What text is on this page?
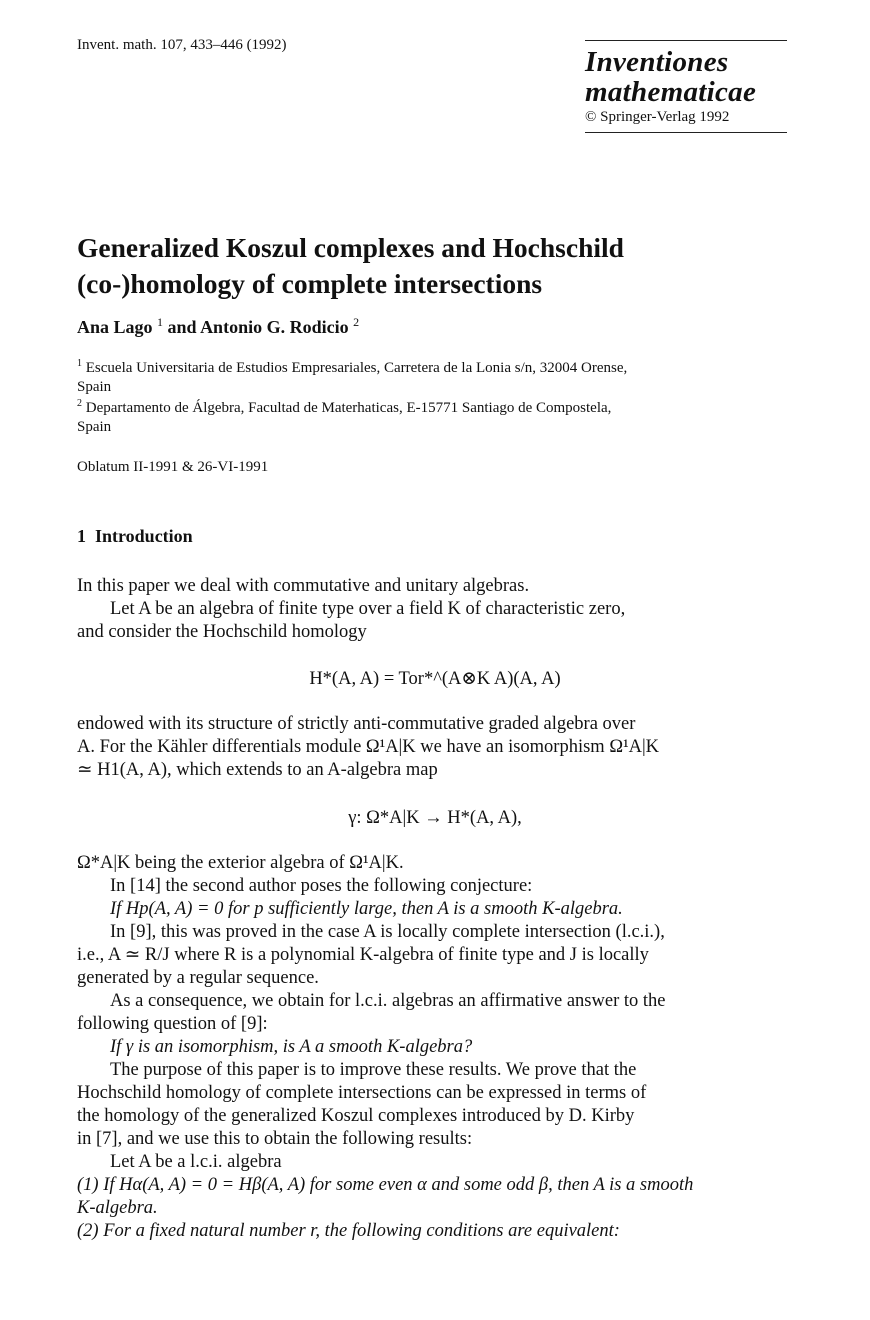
Invent. math. 107, 433–446 (1992)
Inventiones
mathematicae
© Springer-Verlag 1992
Generalized Koszul complexes and Hochschild
(co-)homology of complete intersections
Ana Lago $^1$ and Antonio G. Rodicio $^2$
$^1$ Escuela Universitaria de Estudios Empresariales, Carretera de la Lonia s/n, 32004 Orense,
Spain
$^2$ Departamento de Álgebra, Facultad de Materhaticas, E-15771 Santiago de Compostela,
Spain
Oblatum II-1991 & 26-VI-1991
1 Introduction
In this paper we deal with commutative and unitary algebras.
Let A be an algebra of finite type over a field K of characteristic zero,
and consider the Hochschild homology
H*(A, A) = Tor*^(A⊗K A)(A, A)
endowed with its structure of strictly anti-commutative graded algebra over
A. For the Kähler differentials module Ω¹A|K we have an isomorphism Ω¹A|K
≃ H1(A, A), which extends to an A-algebra map
γ: Ω*A|K → H*(A, A),
Ω*A|K being the exterior algebra of Ω¹A|K.
In [14] the second author poses the following conjecture:
If Hp(A, A) = 0 for p sufficiently large, then A is a smooth K-algebra.
In [9], this was proved in the case A is locally complete intersection (l.c.i.),
i.e., A ≃ R/J where R is a polynomial K-algebra of finite type and J is locally
generated by a regular sequence.
As a consequence, we obtain for l.c.i. algebras an affirmative answer to the
following question of [9]:
If γ is an isomorphism, is A a smooth K-algebra?
The purpose of this paper is to improve these results. We prove that the
Hochschild homology of complete intersections can be expressed in terms of
the homology of the generalized Koszul complexes introduced by D. Kirby
in [7], and we use this to obtain the following results:
Let A be a l.c.i. algebra
(1) If Hα(A, A) = 0 = Hβ(A, A) for some even α and some odd β, then A is a smooth
K-algebra.
(2) For a fixed natural number r, the following conditions are equivalent:
